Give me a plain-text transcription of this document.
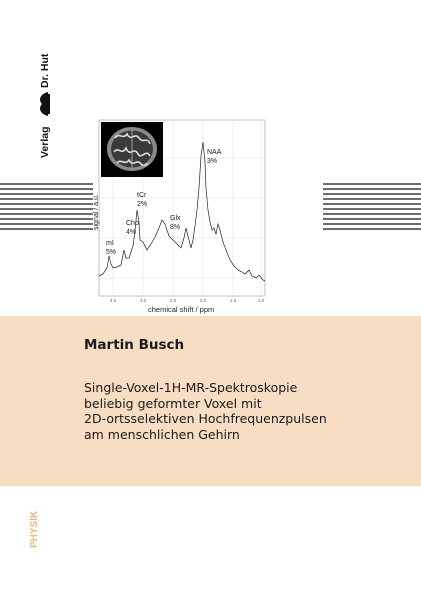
Verlag
Dr. Hut
NAA
3%
tCr
2%
Cho
4%
Glx
8%
mI
5%
signal / a.u.
3.5	3.0	2.5	2.0	1.5	1.0
chemical shift / ppm
Martin Busch
Single-Voxel-1H-MR-Spektroskopie
beliebig geformter Voxel mit
2D-ortsselektiven Hochfrequenzpulsen
am menschlichen Gehirn
PHYSIK
